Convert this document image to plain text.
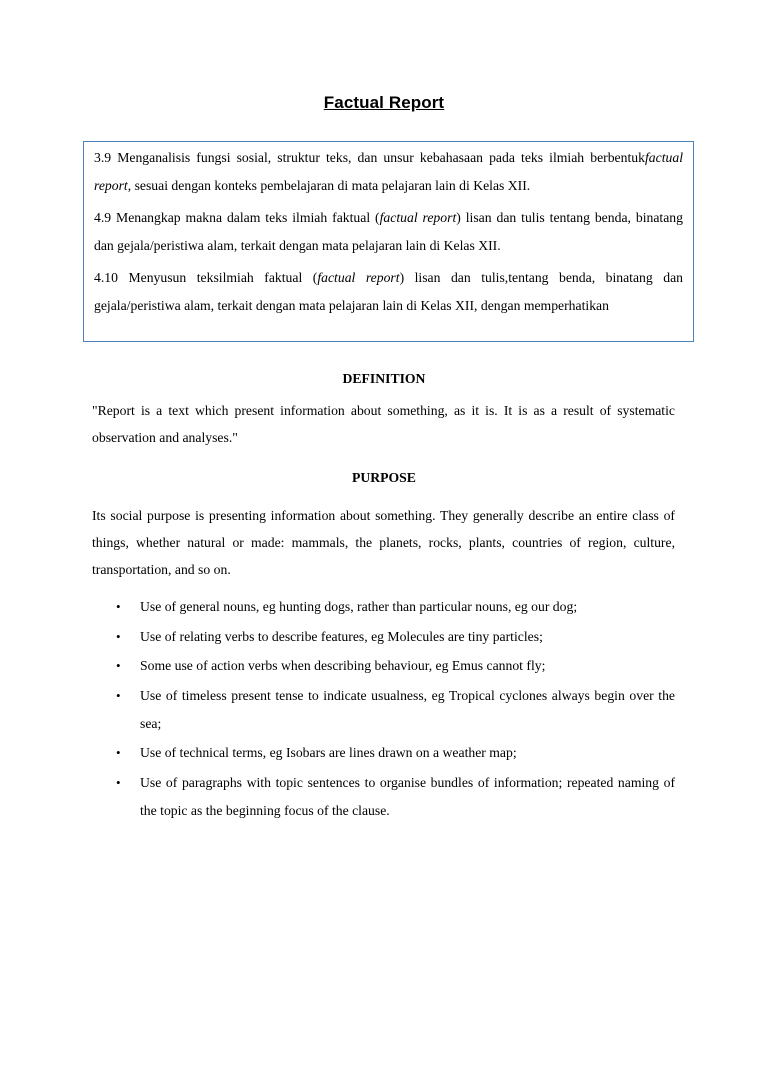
Factual Report

3.9 Menganalisis fungsi sosial, struktur teks, dan unsur kebahasaan pada teks ilmiah berbentukfactual report, sesuai dengan konteks pembelajaran di mata pelajaran lain di Kelas XII.

4.9 Menangkap makna dalam teks ilmiah faktual (factual report) lisan dan tulis tentang benda, binatang dan gejala/peristiwa alam, terkait dengan mata pelajaran lain di Kelas XII.

4.10 Menyusun teksilmiah faktual (factual report) lisan dan tulis,tentang benda, binatang dan gejala/peristiwa alam, terkait dengan mata pelajaran lain di Kelas XII, dengan memperhatikan

DEFINITION

"Report is a text which present information about something, as it is. It is as a result of systematic observation and analyses."

PURPOSE

Its social purpose is presenting information about something. They generally describe an entire class of things, whether natural or made: mammals, the planets, rocks, plants, countries of region, culture, transportation, and so on.

• Use of general nouns, eg hunting dogs, rather than particular nouns, eg our dog;
• Use of relating verbs to describe features, eg Molecules are tiny particles;
• Some use of action verbs when describing behaviour, eg Emus cannot fly;
• Use of timeless present tense to indicate usualness, eg Tropical cyclones always begin over the sea;
• Use of technical terms, eg Isobars are lines drawn on a weather map;
• Use of paragraphs with topic sentences to organise bundles of information; repeated naming of the topic as the beginning focus of the clause.
